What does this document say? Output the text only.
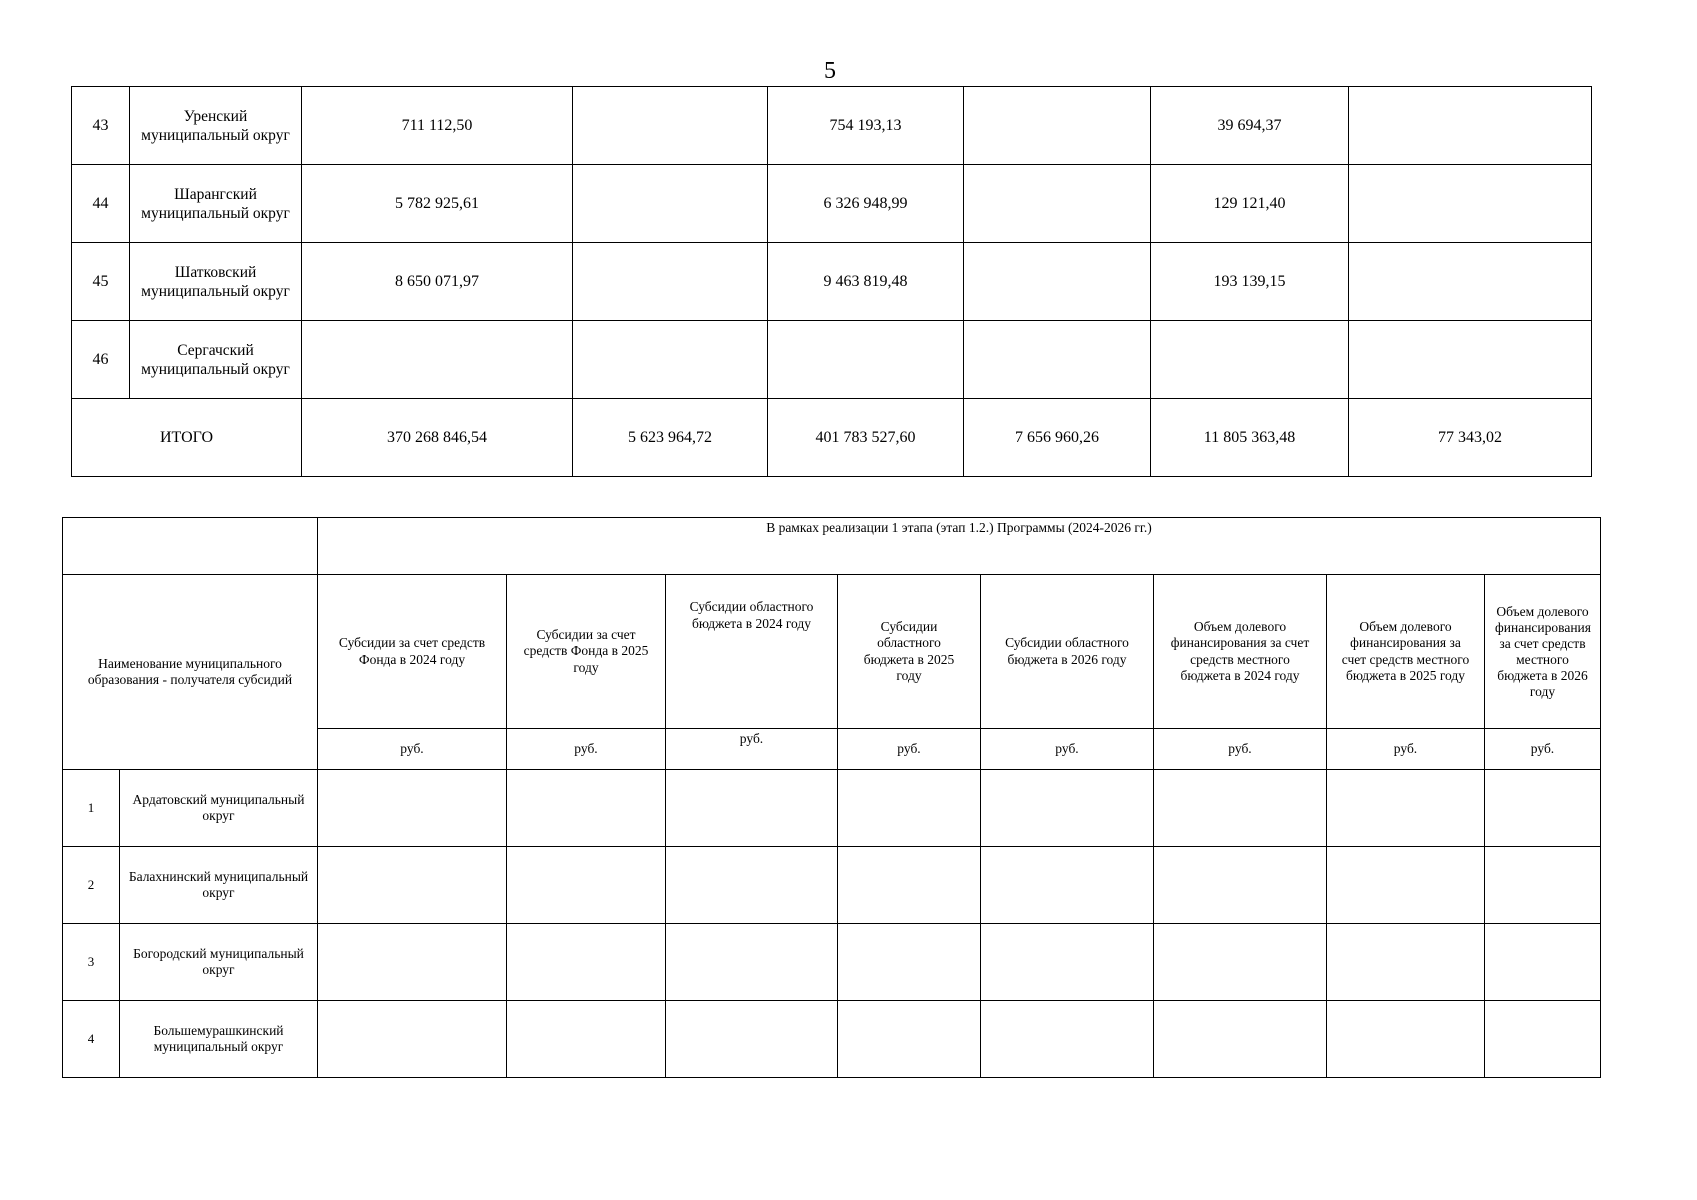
5
43	Уренский муниципальный округ	711 112,50		754 193,13		39 694,37	
44	Шарангский муниципальный округ	5 782 925,61		6 326 948,99		129 121,40	
45	Шатковский муниципальный округ	8 650 071,97		9 463 819,48		193 139,15	
46	Сергачский муниципальный округ						
ИТОГО		370 268 846,54	5 623 964,72	401 783 527,60	7 656 960,26	11 805 363,48	77 343,02
		В рамках реализации 1 этапа (этап 1.2.) Программы (2024-2026 гг.)							
Наименование муниципального образования - получателя субсидий		Субсидии за счет средств Фонда в 2024 году	Субсидии за счет средств Фонда в 2025 году	Субсидии областного бюджета в 2024 году	Субсидии областного бюджета в 2025 году	Субсидии областного бюджета в 2026 году	Объем долевого финансирования за счет средств местного бюджета в 2024 году	Объем долевого финансирования за счет средств местного бюджета в 2025 году	Объем долевого финансирования за счет средств местного бюджета в 2026 году
		руб.	руб.	руб.	руб.	руб.	руб.	руб.	руб.
1	Ардатовский муниципальный округ								
2	Балахнинский муниципальный округ								
3	Богородский муниципальный округ								
4	Большемурашкинский муниципальный округ								
